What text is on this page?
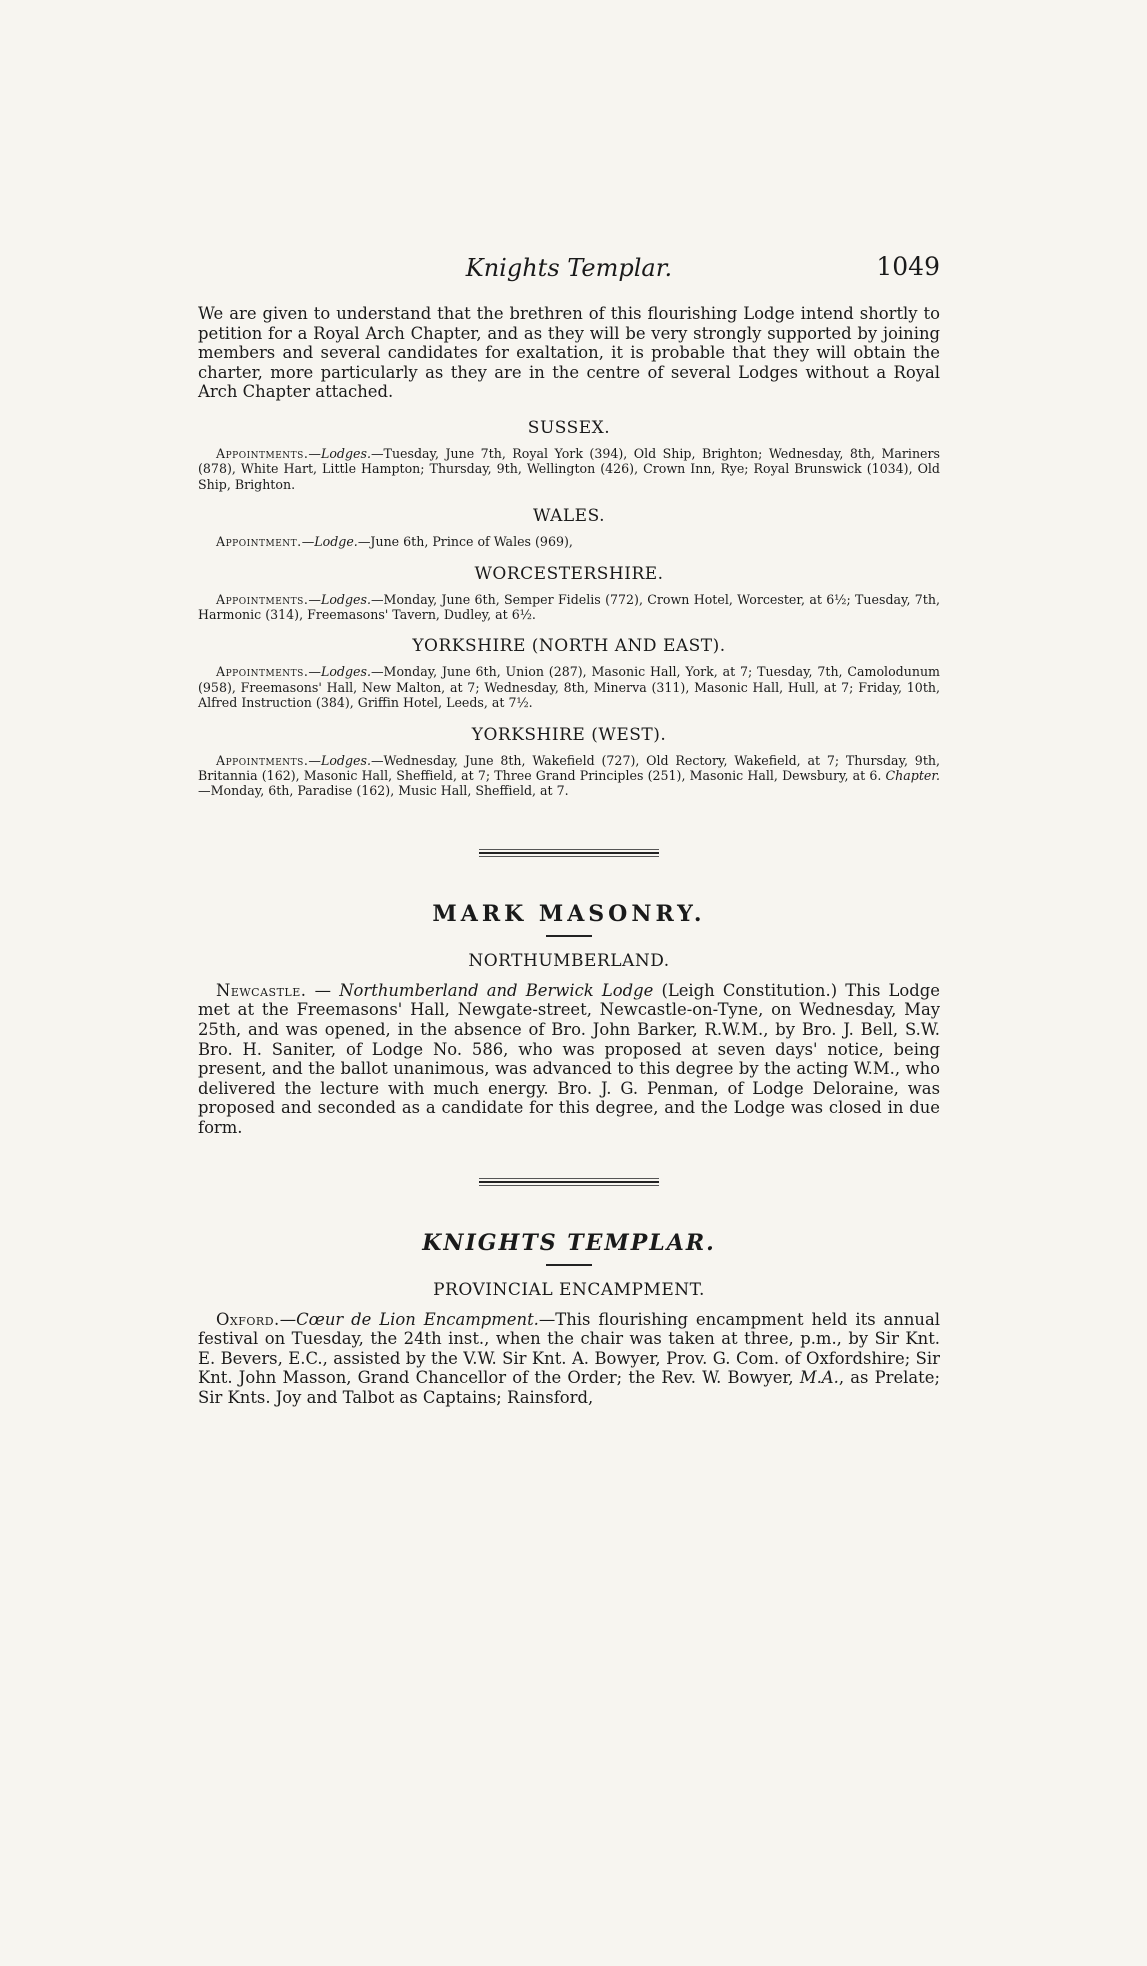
Knights Templar.	1049

We are given to understand that the brethren of this flourishing Lodge intend shortly to petition for a Royal Arch Chapter, and as they will be very strongly supported by joining members and several candidates for exaltation, it is probable that they will obtain the charter, more particularly as they are in the centre of several Lodges without a Royal Arch Chapter attached.

SUSSEX.

Appointments.—Lodges.—Tuesday, June 7th, Royal York (394), Old Ship, Brighton; Wednesday, 8th, Mariners (878), White Hart, Little Hampton; Thursday, 9th, Wellington (426), Crown Inn, Rye; Royal Brunswick (1034), Old Ship, Brighton.

WALES.

Appointment.—Lodge.—June 6th, Prince of Wales (969),

WORCESTERSHIRE.

Appointments.—Lodges.—Monday, June 6th, Semper Fidelis (772), Crown Hotel, Worcester, at 6½; Tuesday, 7th, Harmonic (314), Freemasons' Tavern, Dudley, at 6½.

YORKSHIRE (NORTH AND EAST).

Appointments.—Lodges.—Monday, June 6th, Union (287), Masonic Hall, York, at 7; Tuesday, 7th, Camolodunum (958), Freemasons' Hall, New Malton, at 7; Wednesday, 8th, Minerva (311), Masonic Hall, Hull, at 7; Friday, 10th, Alfred Instruction (384), Griffin Hotel, Leeds, at 7½.

YORKSHIRE (WEST).

Appointments.—Lodges.—Wednesday, June 8th, Wakefield (727), Old Rectory, Wakefield, at 7; Thursday, 9th, Britannia (162), Masonic Hall, Sheffield, at 7; Three Grand Principles (251), Masonic Hall, Dewsbury, at 6. Chapter.—Monday, 6th, Paradise (162), Music Hall, Sheffield, at 7.

MARK MASONRY.
NORTHUMBERLAND.

Newcastle. — Northumberland and Berwick Lodge (Leigh Constitution.) This Lodge met at the Freemasons' Hall, Newgate-street, Newcastle-on-Tyne, on Wednesday, May 25th, and was opened, in the absence of Bro. John Barker, R.W.M., by Bro. J. Bell, S.W. Bro. H. Saniter, of Lodge No. 586, who was proposed at seven days' notice, being present, and the ballot unanimous, was advanced to this degree by the acting W.M., who delivered the lecture with much energy. Bro. J. G. Penman, of Lodge Deloraine, was proposed and seconded as a candidate for this degree, and the Lodge was closed in due form.

KNIGHTS TEMPLAR.
PROVINCIAL ENCAMPMENT.

Oxford.—Cœur de Lion Encampment.—This flourishing encampment held its annual festival on Tuesday, the 24th inst., when the chair was taken at three, p.m., by Sir Knt. E. Bevers, E.C., assisted by the V.W. Sir Knt. A. Bowyer, Prov. G. Com. of Oxfordshire; Sir Knt. John Masson, Grand Chancellor of the Order; the Rev. W. Bowyer, M.A., as Prelate; Sir Knts. Joy and Talbot as Captains; Rainsford,
